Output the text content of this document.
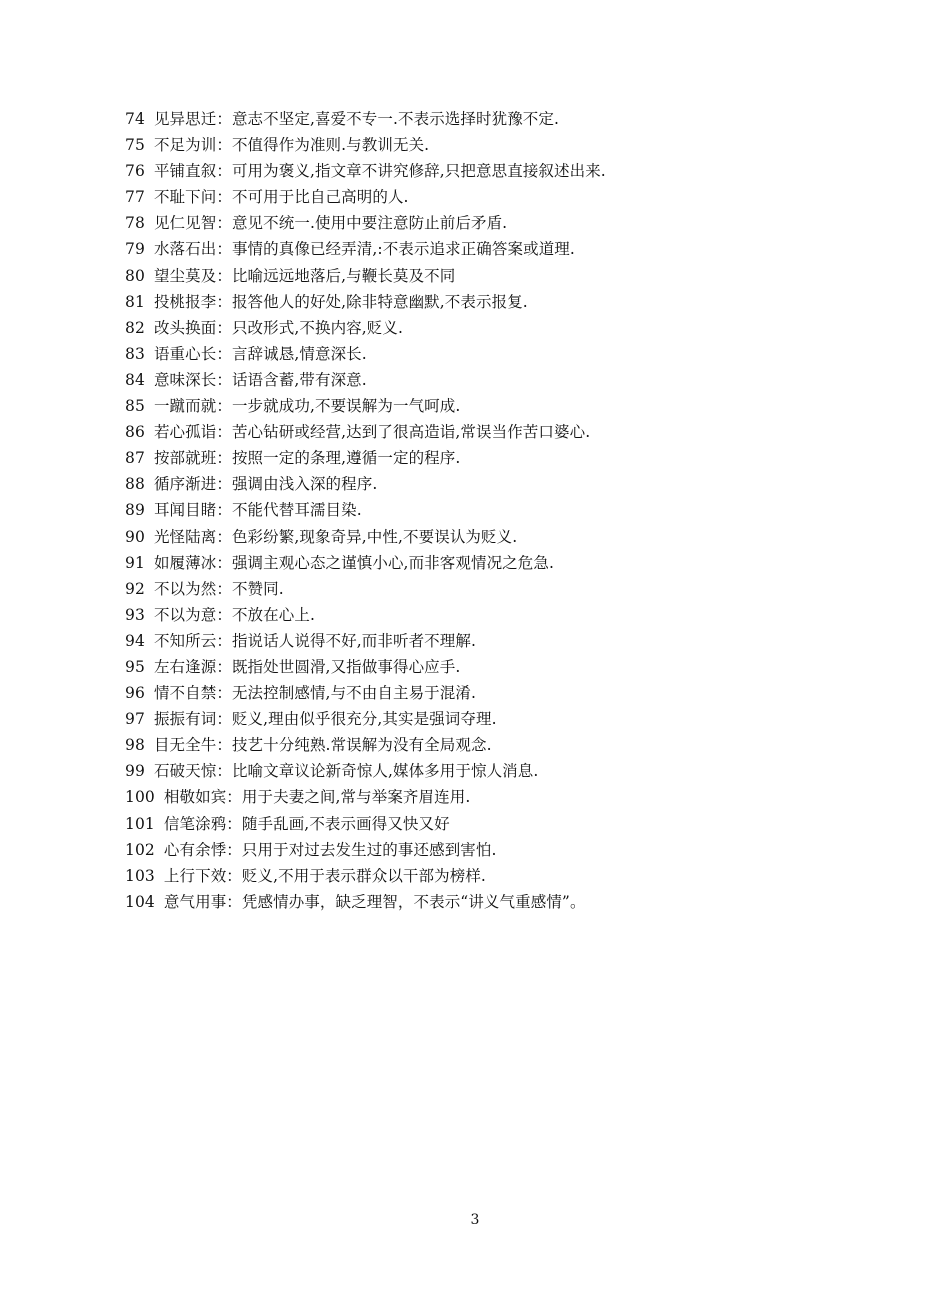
74 见异思迁：意志不坚定,喜爱不专一.不表示选择时犹豫不定.
75 不足为训：不值得作为准则.与教训无关.
76 平铺直叙：可用为褒义,指文章不讲究修辞,只把意思直接叙述出来.
77 不耻下问：不可用于比自己高明的人.
78 见仁见智：意见不统一.使用中要注意防止前后矛盾.
79 水落石出：事情的真像已经弄清,:不表示追求正确答案或道理.
80 望尘莫及：比喻远远地落后,与鞭长莫及不同
81 投桃报李：报答他人的好处,除非特意幽默,不表示报复.
82 改头换面：只改形式,不换内容,贬义.
83 语重心长：言辞诚恳,情意深长.
84 意味深长：话语含蓄,带有深意.
85 一蹴而就：一步就成功,不要误解为一气呵成.
86 若心孤诣：苦心钻研或经营,达到了很高造诣,常误当作苦口婆心.
87 按部就班：按照一定的条理,遵循一定的程序.
88 循序渐进：强调由浅入深的程序.
89 耳闻目睹：不能代替耳濡目染.
90 光怪陆离：色彩纷繁,现象奇异,中性,不要误认为贬义.
91 如履薄冰：强调主观心态之谨慎小心,而非客观情况之危急.
92 不以为然：不赞同.
93 不以为意：不放在心上.
94 不知所云：指说话人说得不好,而非听者不理解.
95 左右逢源：既指处世圆滑,又指做事得心应手.
96 情不自禁：无法控制感情,与不由自主易于混淆.
97 振振有词：贬义,理由似乎很充分,其实是强词夺理.
98 目无全牛：技艺十分纯熟.常误解为没有全局观念.
99 石破天惊：比喻文章议论新奇惊人,媒体多用于惊人消息.
100 相敬如宾：用于夫妻之间,常与举案齐眉连用.
101 信笔涂鸦：随手乱画,不表示画得又快又好
102 心有余悸：只用于对过去发生过的事还感到害怕.
103 上行下效：贬义,不用于表示群众以干部为榜样.
104 意气用事：凭感情办事，缺乏理智，不表示“讲义气重感情”。
3
